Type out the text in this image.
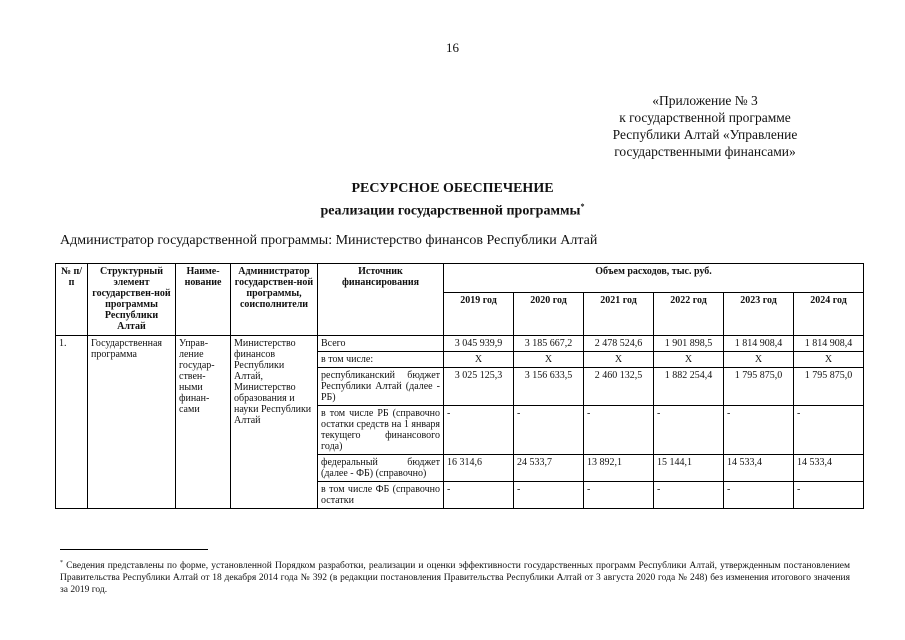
16
«Приложение № 3
к государственной программе
Республики Алтай «Управление
государственными финансами»
РЕСУРСНОЕ ОБЕСПЕЧЕНИЕ
реализации государственной программы*
Администратор государственной программы: Министерство финансов Республики Алтай
№ п/п	Структурный элемент государствен-ной программы Республики Алтай	Наиме-нование	Администратор государствен-ной программы, соисполнители	Источник финансирования	Объем расходов, тыс. руб.					
					2019 год	2020 год	2021 год	2022 год	2023 год	2024 год
1.	Государственная программа	Управ-ление государ-ствен-ными финан-сами	Министерство финансов Республики Алтай, Министерство образования и науки Республики Алтай	Всего	3 045 939,9	3 185 667,2	2 478 524,6	1 901 898,5	1 814 908,4	1 814 908,4
				в том числе:	Х	Х	Х	Х	Х	Х
				республиканский бюджет Республики Алтай (далее - РБ)	3 025 125,3	3 156 633,5	2 460 132,5	1 882 254,4	1 795 875,0	1 795 875,0
				в том числе РБ (справочно остатки средств на 1 января текущего финансового года)	-	-	-	-	-	-
				федеральный бюджет (далее - ФБ) (справочно)	16 314,6	24 533,7	13 892,1	15 144,1	14 533,4	14 533,4
				в том числе ФБ (справочно остатки	-	-	-	-	-	-
* Сведения представлены по форме, установленной Порядком разработки, реализации и оценки эффективности государственных программ Республики Алтай, утвержденным постановлением Правительства Республики Алтай от 18 декабря 2014 года № 392 (в редакции постановления Правительства Республики Алтай от 3 августа 2020 года № 248) без изменения итогового значения за 2019 год.
